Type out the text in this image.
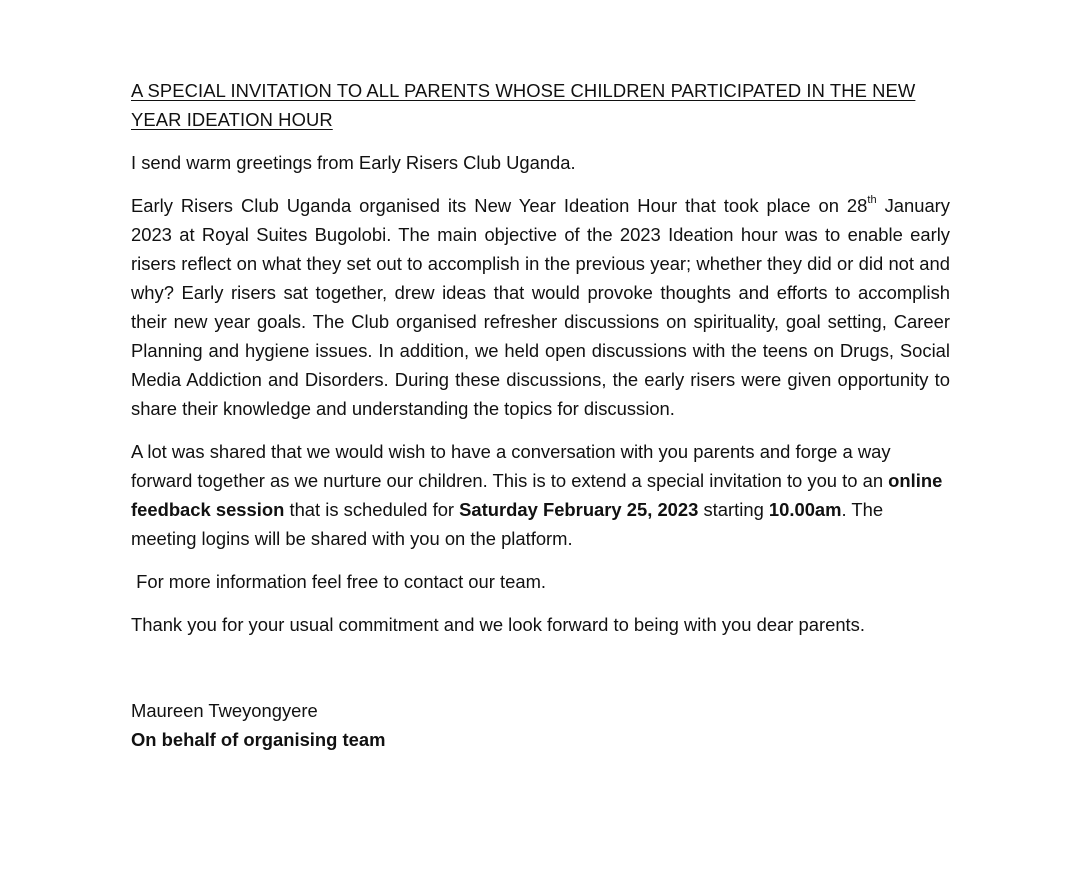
A SPECIAL INVITATION TO ALL PARENTS WHOSE CHILDREN PARTICIPATED IN THE NEW YEAR IDEATION HOUR

I send warm greetings from Early Risers Club Uganda.

Early Risers Club Uganda organised its New Year Ideation Hour that took place on 28th January 2023 at Royal Suites Bugolobi. The main objective of the 2023 Ideation hour was to enable early risers reflect on what they set out to accomplish in the previous year; whether they did or did not and why? Early risers sat together, drew ideas that would provoke thoughts and efforts to accomplish their new year goals. The Club organised refresher discussions on spirituality, goal setting, Career Planning and hygiene issues. In addition, we held open discussions with the teens on Drugs, Social Media Addiction and Disorders. During these discussions, the early risers were given opportunity to share their knowledge and understanding the topics for discussion.

A lot was shared that we would wish to have a conversation with you parents and forge a way forward together as we nurture our children. This is to extend a special invitation to you to an online feedback session that is scheduled for Saturday February 25, 2023 starting 10.00am. The meeting logins will be shared with you on the platform.

For more information feel free to contact our team.

Thank you for your usual commitment and we look forward to being with you dear parents.

Maureen Tweyongyere

On behalf of organising team
